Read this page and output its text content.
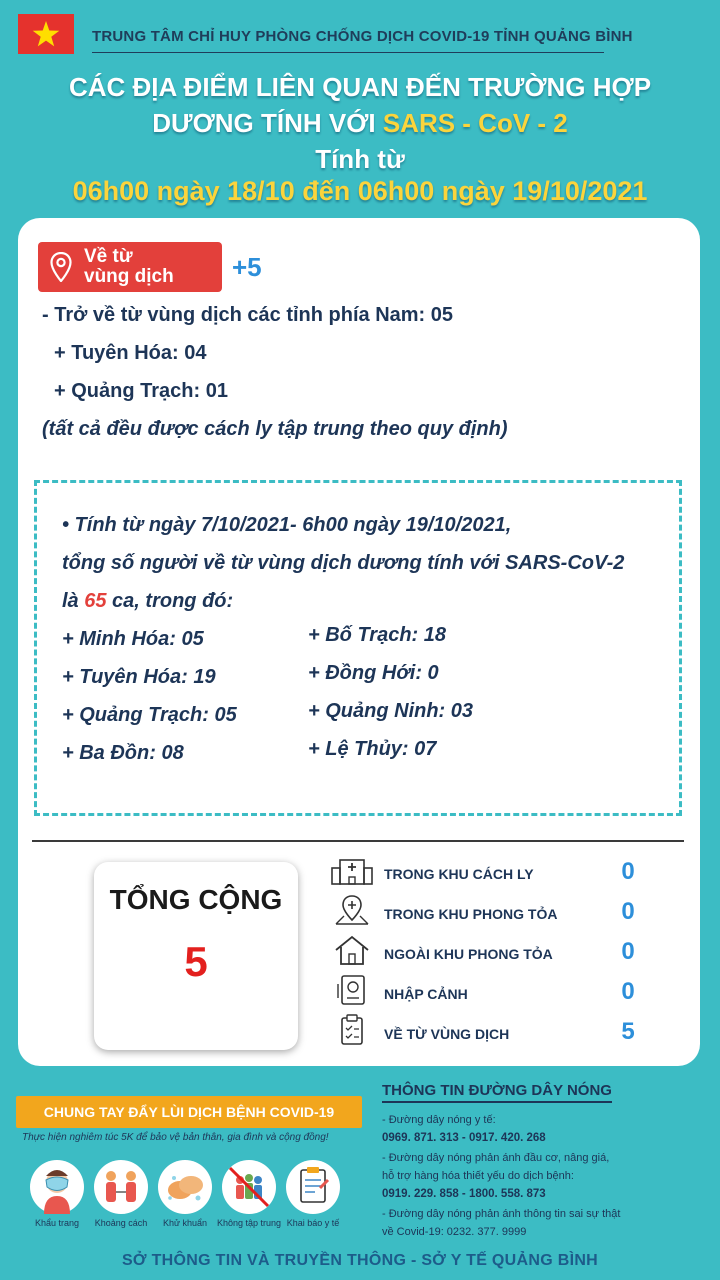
TRUNG TÂM CHỈ HUY PHÒNG CHỐNG DỊCH COVID-19 TỈNH QUẢNG BÌNH
CÁC ĐỊA ĐIỂM LIÊN QUAN ĐẾN TRƯỜNG HỢP
DƯƠNG TÍNH VỚI SARS - CoV - 2
Tính từ
06h00 ngày 18/10 đến 06h00 ngày 19/10/2021
Về từ
vùng dịch +5
- Trở về từ vùng dịch các tỉnh phía Nam: 05
+ Tuyên Hóa: 04
+ Quảng Trạch: 01
(tất cả đều được cách ly tập trung theo quy định)
• Tính từ ngày 7/10/2021- 6h00 ngày 19/10/2021,
tổng số người về từ vùng dịch dương tính với SARS-CoV-2
là 65 ca, trong đó:
+ Minh Hóa: 05
+ Tuyên Hóa: 19
+ Quảng Trạch: 05
+ Ba Đồn: 08
+ Bố Trạch: 18
+ Đồng Hới: 0
+ Quảng Ninh: 03
+ Lệ Thủy: 07
TỔNG CỘNG
5
TRONG KHU CÁCH LY	0
TRONG KHU PHONG TỎA	0
NGOÀI KHU PHONG TỎA	0
NHẬP CẢNH	0
VỀ TỪ VÙNG DỊCH	5
CHUNG TAY ĐẨY LÙI DỊCH BỆNH COVID-19
Thực hiện nghiêm túc 5K để bảo vệ bản thân, gia đình và cộng đồng!
Khẩu trang	Khoảng cách	Khử khuẩn	Không tập trung Khai báo y tế
THÔNG TIN ĐƯỜNG DÂY NÓNG
- Đường dây nóng y tế:
0969. 871. 313 - 0917. 420. 268
- Đường dây nóng phản ánh đầu cơ, nâng giá,
hỗ trợ hàng hóa thiết yếu do dịch bệnh:
0919. 229. 858 - 1800. 558. 873
- Đường dây nóng phản ánh thông tin sai sự thật
về Covid-19: 0232. 377. 9999
SỞ THÔNG TIN VÀ TRUYỀN THÔNG - SỞ Y TẾ QUẢNG BÌNH
